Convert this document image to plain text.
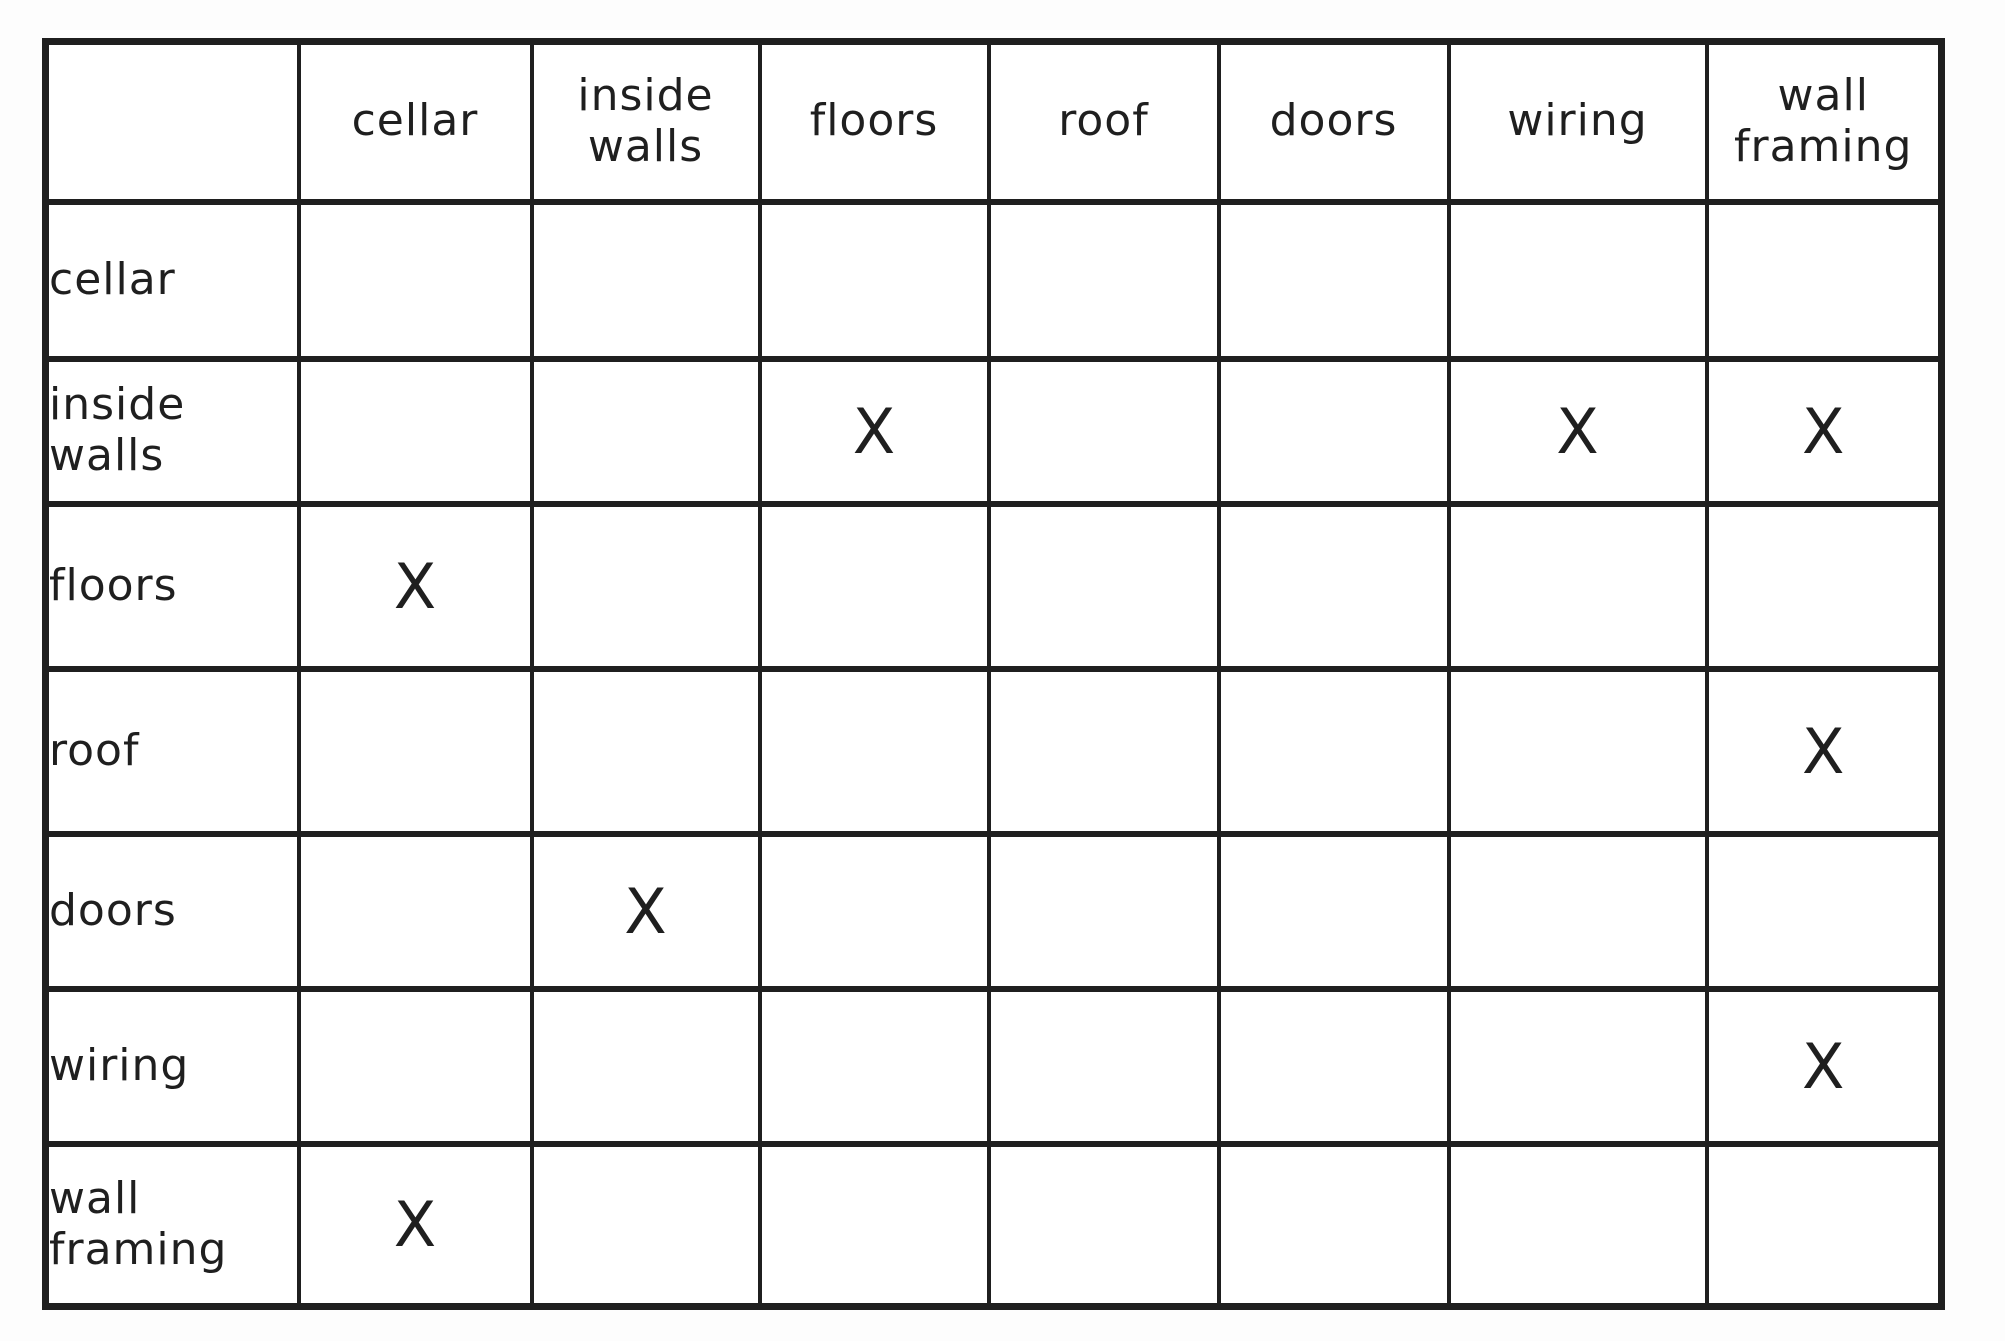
	cellar	inside walls	floors	roof	doors	wiring	wall framing
cellar							
inside walls			X			X	X
floors	X						
roof							X
doors		X					
wiring							X
wall framing	X						
